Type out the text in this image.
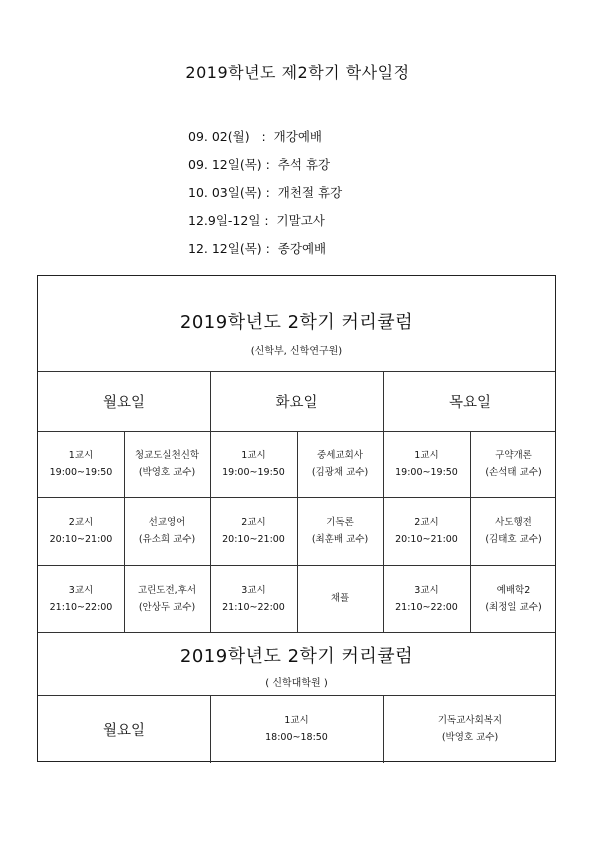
2019학년도 제2학기 학사일정
09. 02(월)   : 개강예배
09. 12일(목) : 추석 휴강
10. 03일(목) : 개천절 휴강
12.9일-12일 : 기말고사
12. 12일(목) : 종강예배
2019학년도 2학기 커리큘럼
(신학부, 신학연구원)
월요일	화요일	목요일
1교시
19:00~19:50
청교도실천신학
(박영호 교수)
1교시
19:00~19:50
중세교회사
(김광채 교수)
1교시
19:00~19:50
구약개론
(손석태 교수)
2교시
20:10~21:00
선교영어
(유소희 교수)
2교시
20:10~21:00
기독론
(최훈배 교수)
2교시
20:10~21:00
사도행전
(김태호 교수)
3교시
21:10~22:00
고린도전,후서
(안상두 교수)
3교시
21:10~22:00
채플
3교시
21:10~22:00
예배학2
(최정일 교수)
2019학년도 2학기 커리큘럼
( 신학대학원 )
월요일
1교시
18:00~18:50
기독교사회복지
(박영호 교수)
